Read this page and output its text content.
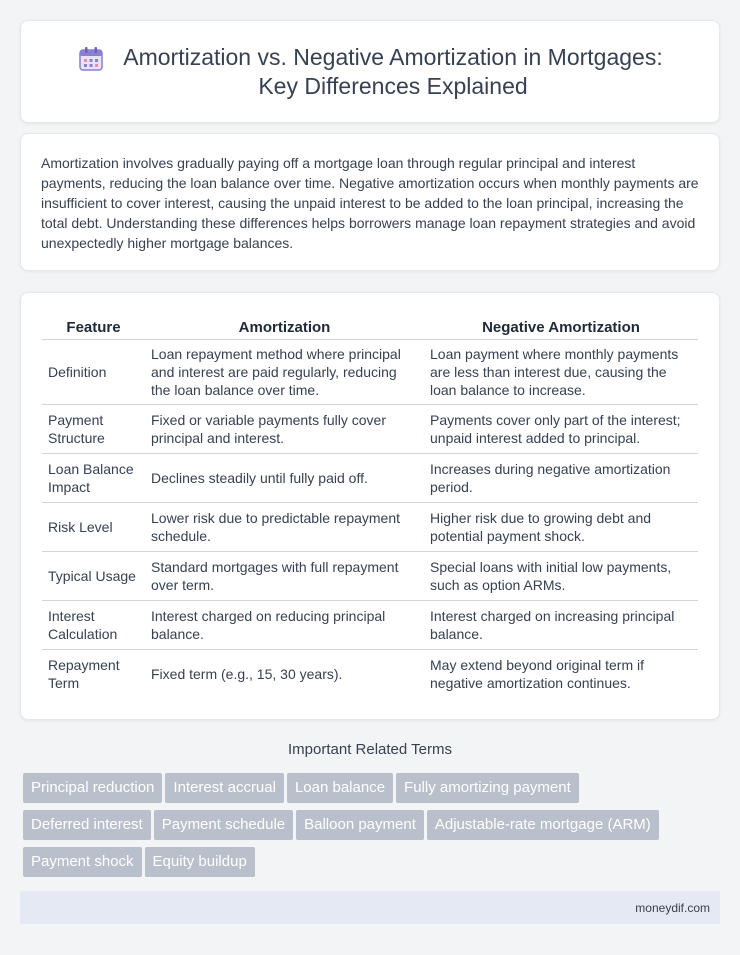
Amortization vs. Negative Amortization in Mortgages:
Key Differences Explained

Amortization involves gradually paying off a mortgage loan through regular principal and interest payments, reducing the loan balance over time. Negative amortization occurs when monthly payments are insufficient to cover interest, causing the unpaid interest to be added to the loan principal, increasing the total debt. Understanding these differences helps borrowers manage loan repayment strategies and avoid unexpectedly higher mortgage balances.

Feature	Amortization	Negative Amortization
Definition	Loan repayment method where principal and interest are paid regularly, reducing the loan balance over time.	Loan payment where monthly payments are less than interest due, causing the loan balance to increase.
Payment Structure	Fixed or variable payments fully cover principal and interest.	Payments cover only part of the interest; unpaid interest added to principal.
Loan Balance Impact	Declines steadily until fully paid off.	Increases during negative amortization period.
Risk Level	Lower risk due to predictable repayment schedule.	Higher risk due to growing debt and potential payment shock.
Typical Usage	Standard mortgages with full repayment over term.	Special loans with initial low payments, such as option ARMs.
Interest Calculation	Interest charged on reducing principal balance.	Interest charged on increasing principal balance.
Repayment Term	Fixed term (e.g., 15, 30 years).	May extend beyond original term if negative amortization continues.
Important Related Terms
Principal reduction Interest accrual Loan balance Fully amortizing payment
Deferred interest Payment schedule Balloon payment Adjustable-rate mortgage (ARM)
Payment shock Equity buildup
moneydif.com
